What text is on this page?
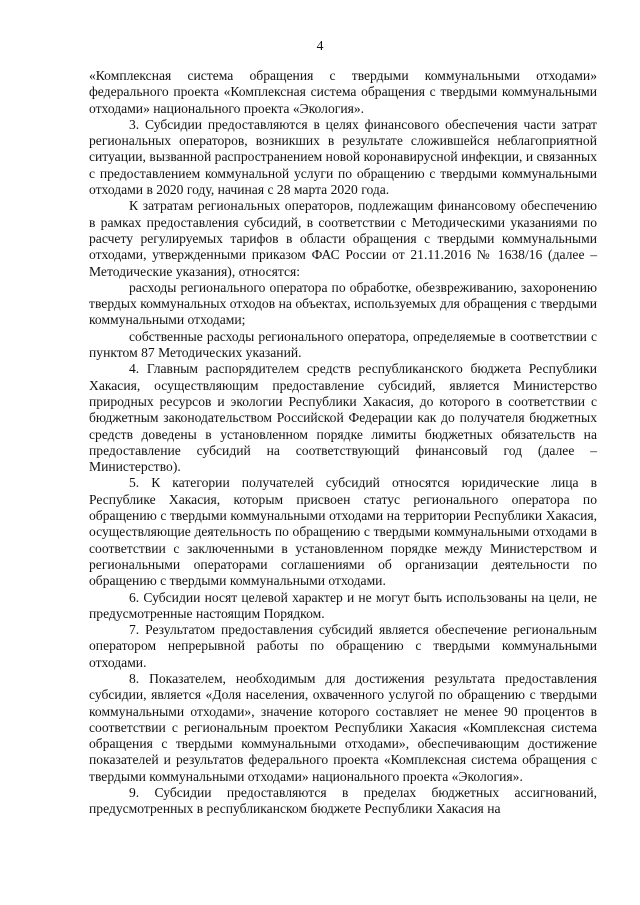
4

«Комплексная система обращения с твердыми коммунальными отходами» федерального проекта «Комплексная система обращения с твердыми коммунальными отходами» национального проекта «Экология».

3. Субсидии предоставляются в целях финансового обеспечения части затрат региональных операторов, возникших в результате сложившейся неблагоприятной ситуации, вызванной распространением новой коронавирусной инфекции, и связанных с предоставлением коммунальной услуги по обращению с твердыми коммунальными отходами в 2020 году, начиная с 28 марта 2020 года.

К затратам региональных операторов, подлежащим финансовому обеспечению в рамках предоставления субсидий, в соответствии с Методическими указаниями по расчету регулируемых тарифов в области обращения с твердыми коммунальными отходами, утвержденными приказом ФАС России от 21.11.2016 № 1638/16 (далее – Методические указания), относятся:

расходы регионального оператора по обработке, обезвреживанию, захоронению твердых коммунальных отходов на объектах, используемых для обращения с твердыми коммунальными отходами;

собственные расходы регионального оператора, определяемые в соответствии с пунктом 87 Методических указаний.

4. Главным распорядителем средств республиканского бюджета Республики Хакасия, осуществляющим предоставление субсидий, является Министерство природных ресурсов и экологии Республики Хакасия, до которого в соответствии с бюджетным законодательством Российской Федерации как до получателя бюджетных средств доведены в установленном порядке лимиты бюджетных обязательств на предоставление субсидий на соответствующий финансовый год (далее – Министерство).

5. К категории получателей субсидий относятся юридические лица в Республике Хакасия, которым присвоен статус регионального оператора по обращению с твердыми коммунальными отходами на территории Республики Хакасия, осуществляющие деятельность по обращению с твердыми коммунальными отходами в соответствии с заключенными в установленном порядке между Министерством и региональными операторами соглашениями об организации деятельности по обращению с твердыми коммунальными отходами.

6. Субсидии носят целевой характер и не могут быть использованы на цели, не предусмотренные настоящим Порядком.

7. Результатом предоставления субсидий является обеспечение региональным оператором непрерывной работы по обращению с твердыми коммунальными отходами.

8. Показателем, необходимым для достижения результата предоставления субсидии, является «Доля населения, охваченного услугой по обращению с твердыми коммунальными отходами», значение которого составляет не менее 90 процентов в соответствии с региональным проектом Республики Хакасия «Комплексная система обращения с твердыми коммунальными отходами», обеспечивающим достижение показателей и результатов федерального проекта «Комплексная система обращения с твердыми коммунальными отходами» национального проекта «Экология».

9. Субсидии предоставляются в пределах бюджетных ассигнований, предусмотренных в республиканском бюджете Республики Хакасия на
